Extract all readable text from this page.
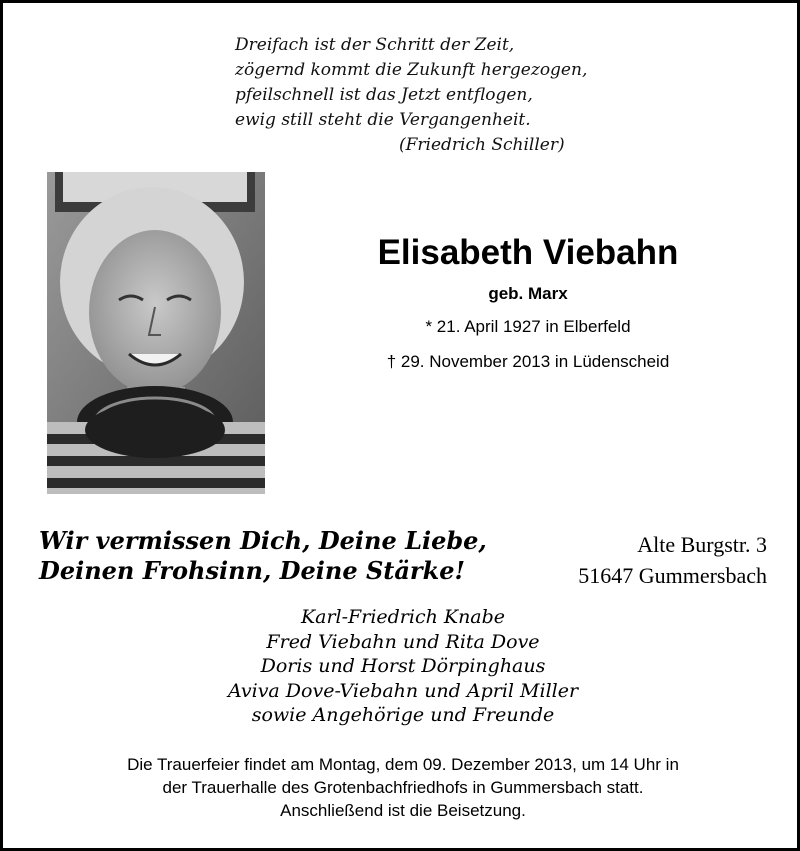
Dreifach ist der Schritt der Zeit,
zögernd kommt die Zukunft hergezogen,
pfeilschnell ist das Jetzt entflogen,
ewig still steht die Vergangenheit.
(Friedrich Schiller)
Elisabeth Viebahn
geb. Marx
* 21. April 1927 in Elberfeld
† 29. November 2013 in Lüdenscheid
Wir vermissen Dich, Deine Liebe,
Deinen Frohsinn, Deine Stärke!
Alte Burgstr. 3
51647 Gummersbach
Karl-Friedrich Knabe
Fred Viebahn und Rita Dove
Doris und Horst Dörpinghaus
Aviva Dove-Viebahn und April Miller
sowie Angehörige und Freunde
Die Trauerfeier findet am Montag, dem 09. Dezember 2013, um 14 Uhr in
der Trauerhalle des Grotenbachfriedhofs in Gummersbach statt.
Anschließend ist die Beisetzung.
